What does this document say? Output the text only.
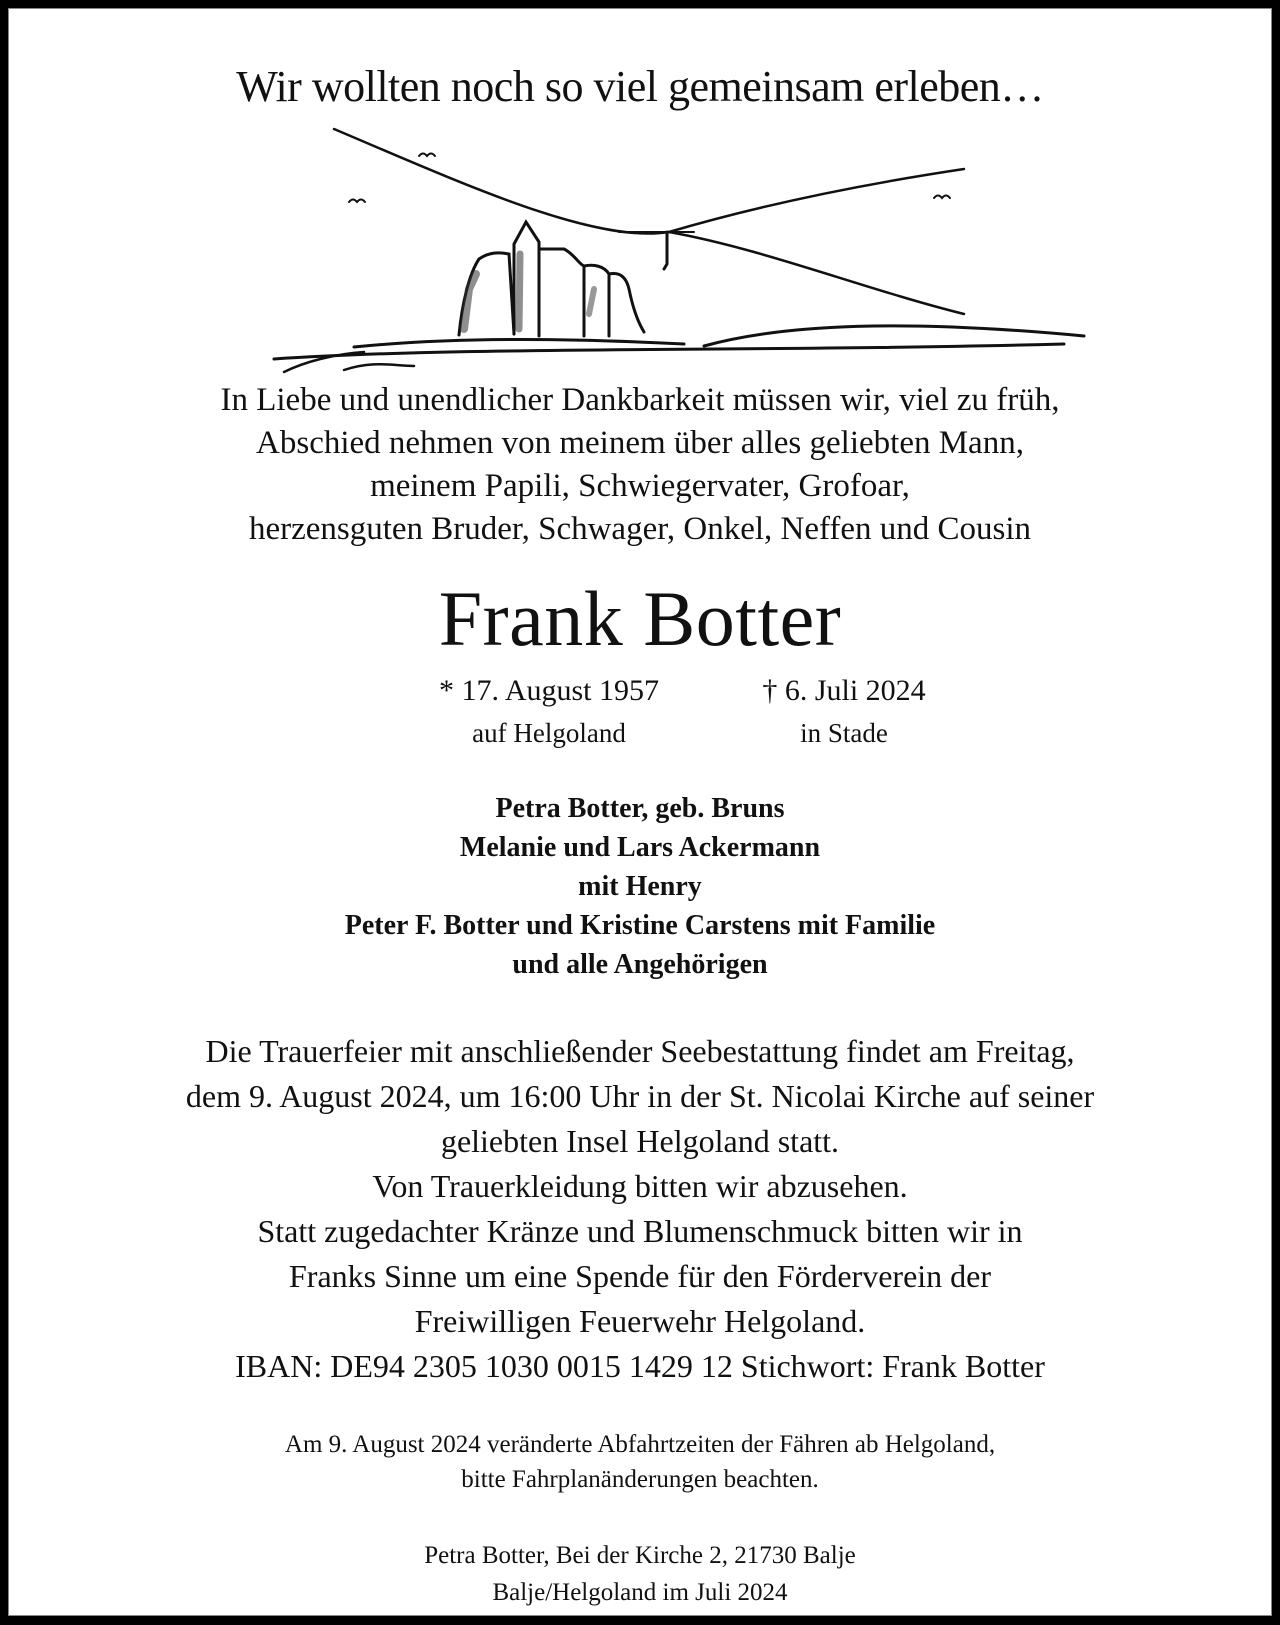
Wir wollten noch so viel gemeinsam erleben…
In Liebe und unendlicher Dankbarkeit müssen wir, viel zu früh,
Abschied nehmen von meinem über alles geliebten Mann,
meinem Papili, Schwiegervater, Grofoar,
herzensguten Bruder, Schwager, Onkel, Neffen und Cousin
Frank Botter
* 17. August 1957
auf Helgoland
† 6. Juli 2024
in Stade
Petra Botter, geb. Bruns
Melanie und Lars Ackermann
mit Henry
Peter F. Botter und Kristine Carstens mit Familie
und alle Angehörigen
Die Trauerfeier mit anschließender Seebestattung findet am Freitag,
dem 9. August 2024, um 16:00 Uhr in der St. Nicolai Kirche auf seiner
geliebten Insel Helgoland statt.
Von Trauerkleidung bitten wir abzusehen.
Statt zugedachter Kränze und Blumenschmuck bitten wir in
Franks Sinne um eine Spende für den Förderverein der
Freiwilligen Feuerwehr Helgoland.
IBAN: DE94 2305 1030 0015 1429 12 Stichwort: Frank Botter
Am 9. August 2024 veränderte Abfahrtzeiten der Fähren ab Helgoland,
bitte Fahrplanänderungen beachten.
Petra Botter, Bei der Kirche 2, 21730 Balje
Balje/Helgoland im Juli 2024
